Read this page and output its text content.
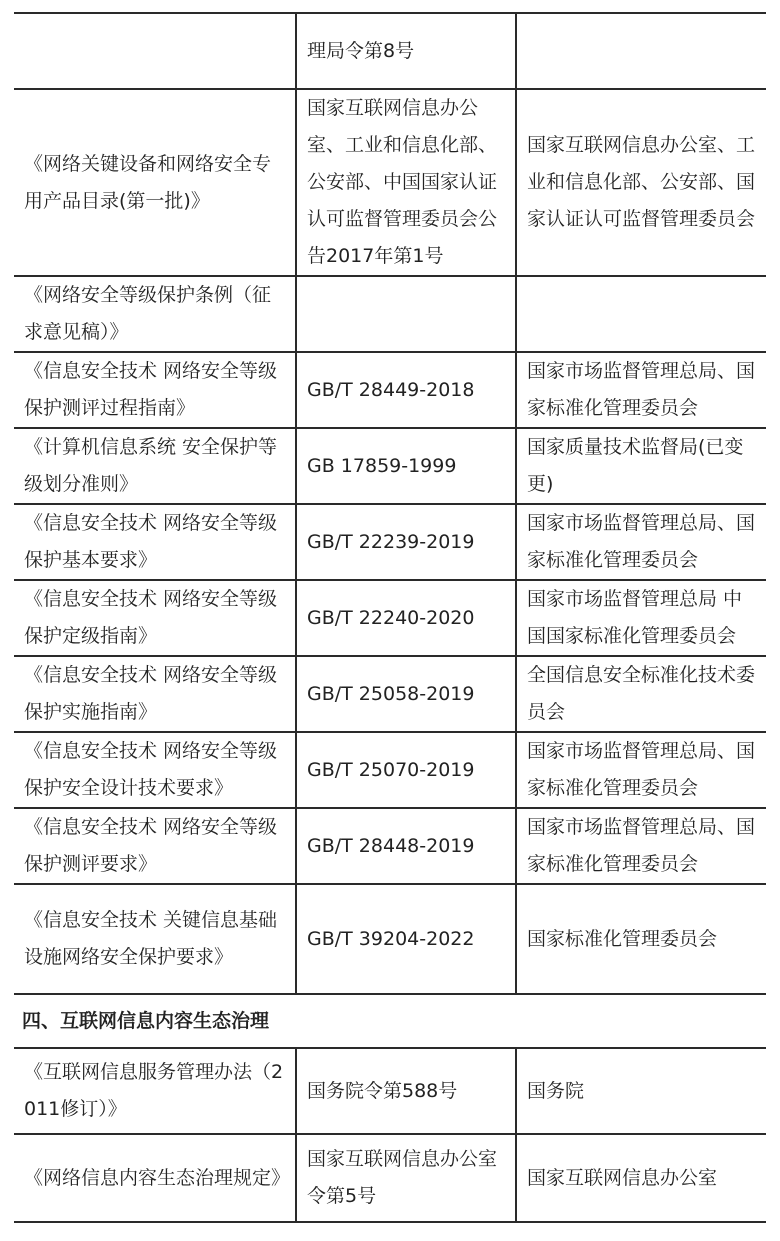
	理局令第8号	
《网络关键设备和网络安全专用产品目录(第一批)》	国家互联网信息办公室、工业和信息化部、公安部、中国国家认证认可监督管理委员会公告2017年第1号	国家互联网信息办公室、工业和信息化部、公安部、国家认证认可监督管理委员会
《网络安全等级保护条例（征求意见稿）》		
《信息安全技术 网络安全等级保护测评过程指南》	GB/T 28449-2018	国家市场监督管理总局、国家标准化管理委员会
《计算机信息系统 安全保护等级划分准则》	GB 17859-1999	国家质量技术监督局(已变更)
《信息安全技术 网络安全等级保护基本要求》	GB/T 22239-2019	国家市场监督管理总局、国家标准化管理委员会
《信息安全技术 网络安全等级保护定级指南》	GB/T 22240-2020	国家市场监督管理总局 中国国家标准化管理委员会
《信息安全技术 网络安全等级保护实施指南》	GB/T 25058-2019	全国信息安全标准化技术委员会
《信息安全技术 网络安全等级保护安全设计技术要求》	GB/T 25070-2019	国家市场监督管理总局、国家标准化管理委员会
《信息安全技术 网络安全等级保护测评要求》	GB/T 28448-2019	国家市场监督管理总局、国家标准化管理委员会
《信息安全技术 关键信息基础设施网络安全保护要求》	GB/T 39204-2022	国家标准化管理委员会
四、互联网信息内容生态治理
《互联网信息服务管理办法（2011修订）》	国务院令第588号	国务院
《网络信息内容生态治理规定》	国家互联网信息办公室令第5号	国家互联网信息办公室
